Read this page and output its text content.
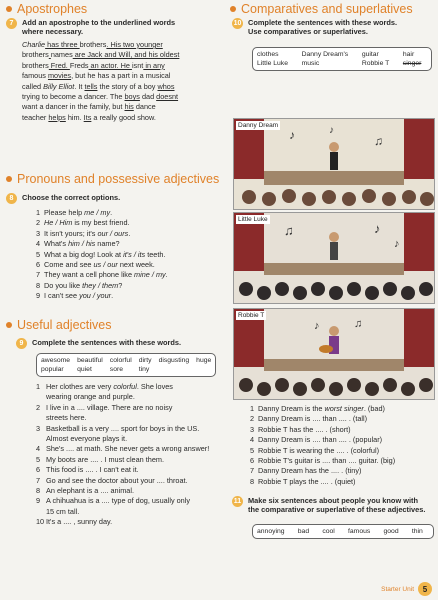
Apostrophes
7	Add an apostrophe to the underlined words
where necessary.
Charlie has three brothers. His two younger
brothers names are Jack and Will, and his oldest
brothers Fred. Freds an actor. He isnt in any
famous movies, but he has a part in a musical
called Billy Elliot. It tells the story of a boy whos
trying to become a dancer. The boys dad doesnt
want a dancer in the family, but his dance
teacher helps him. Its a really good show.
Pronouns and possessive adjectives
8	Choose the correct options.
1 Please help me / my.
2 He / Him is my best friend.
3 It isn't yours; it's our / ours.
4 What's him / his name?
5 What a big dog! Look at it's / its teeth.
6 Come and see us / our next week.
7 They want a cell phone like mine / my.
8 Do you like they / them?
9 I can't see you / your.
Useful adjectives
9	Complete the sentences with these words.
awesome beautiful colorful dirty disgusting huge
popular	quiet	sore	tiny
1 Her clothes are very colorful. She loves
wearing orange and purple.
2 I live in a .... village. There are no noisy
streets here.
3 Basketball is a very .... sport for boys in the US.
Almost everyone plays it.
4 She's .... at math. She never gets a wrong answer!
5 My boots are .... . I must clean them.
6 This food is .... . I can't eat it.
7 Go and see the doctor about your .... throat.
8 An elephant is a .... animal.
9 A chihuahua is a .... type of dog, usually only
15 cm tall.
10 It's a .... , sunny day.
Comparatives and superlatives
10 Complete the sentences with these words.
Use comparatives or superlatives.
clothes	Danny Dream's	guitar	hair
Little Luke	music	Robbie T	singer
♪	♫
♪
Danny Dream
♫	♪
♪
Little Luke
♪	♫
Robbie T
1 Danny Dream is the worst singer. (bad)
2 Danny Dream is .... than .... . (tall)
3 Robbie T has the .... . (short)
4 Danny Dream is .... than .... . (popular)
5 Robbie T is wearing the .... . (colorful)
6 Robbie T's guitar is .... than .... guitar. (big)
7 Danny Dream has the .... . (tiny)
8 Robbie T plays the .... . (quiet)
11 Make six sentences about people you know with
the comparative or superlative of these adjectives.
annoying	bad	cool	famous	good	thin
Starter Unit	5
